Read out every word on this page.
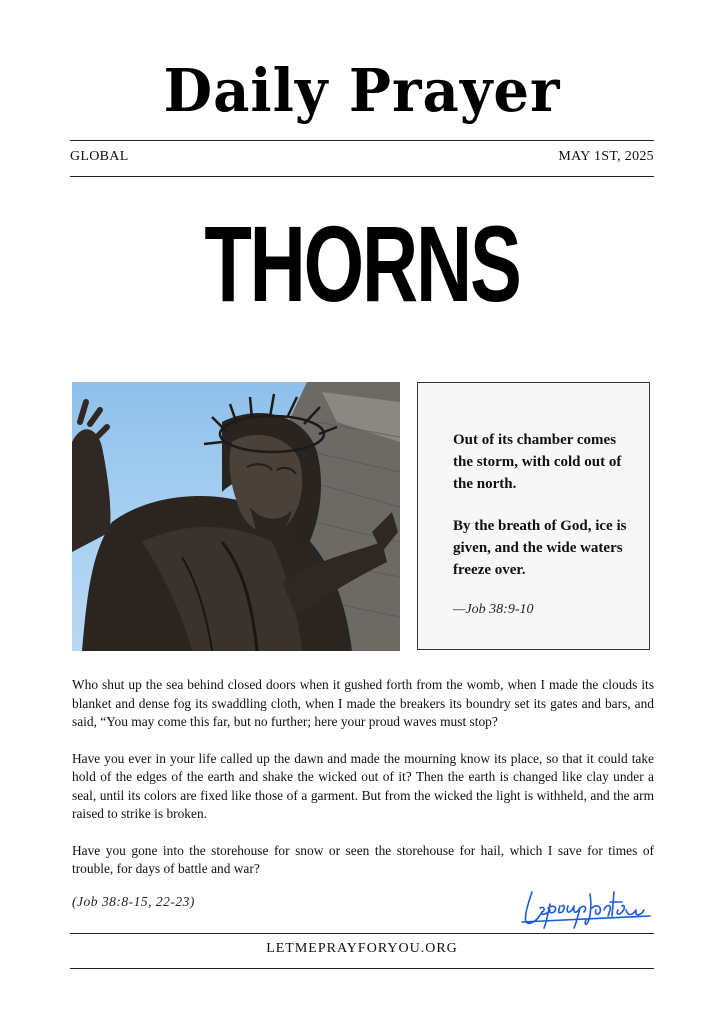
Daily Prayer
GLOBAL	MAY 1ST, 2025
THORNS

Out of its chamber comes the storm, with cold out of the north.

By the breath of God, ice is given, and the wide waters freeze over.

—Job 38:9-10

Who shut up the sea behind closed doors when it gushed forth from the womb, when I made the clouds its blanket and dense fog its swaddling cloth, when I made the breakers its boundry set its gates and bars, and said, “You may come this far, but no further; here your proud waves must stop?

Have you ever in your life called up the dawn and made the mourning know its place, so that it could take hold of the edges of the earth and shake the wicked out of it? Then the earth is changed like clay under a seal, until its colors are fixed like those of a garment. But from the wicked the light is withheld, and the arm raised to strike is broken.

Have you gone into the storehouse for snow or seen the storehouse for hail, which I save for times of trouble, for days of battle and war?

(Job 38:8-15, 22-23)
LETMEPRAYFORYOU.ORG
